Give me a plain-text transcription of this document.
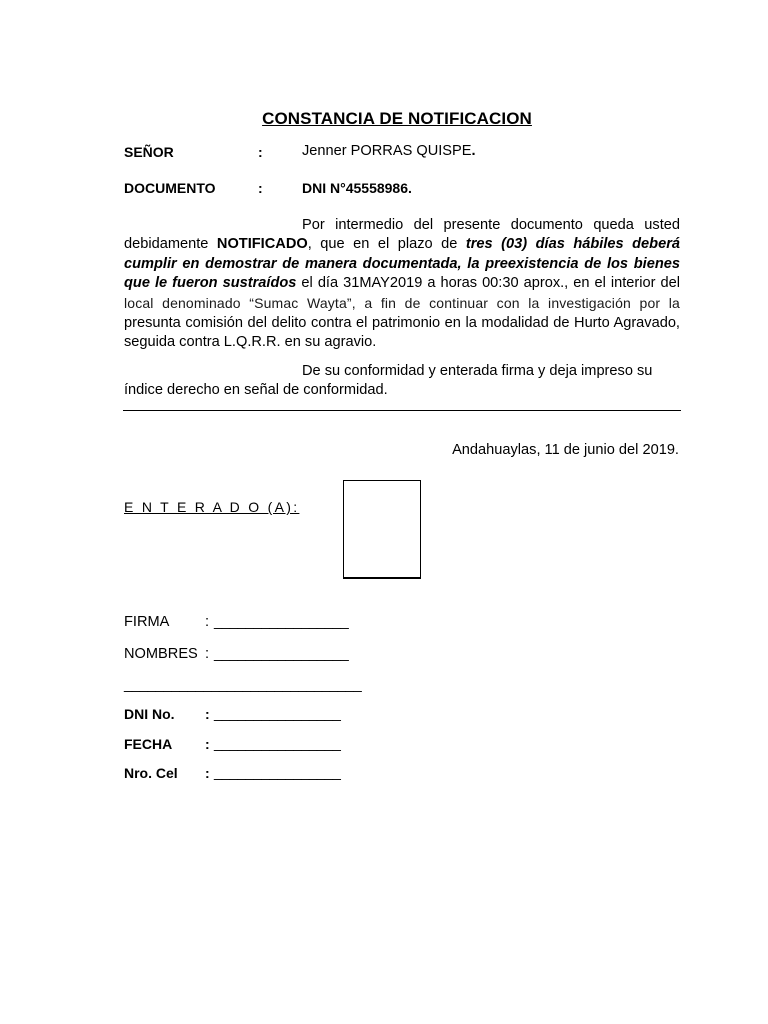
CONSTANCIA DE NOTIFICACION
SEÑOR	:	Jenner PORRAS QUISPE.
DOCUMENTO	:	DNI N°45558986.
Por intermedio del presente documento queda usted debidamente NOTIFICADO, que en el plazo de tres (03) días hábiles deberá cumplir en demostrar de manera documentada, la preexistencia de los bienes que le fueron sustraídos el día 31MAY2019 a horas 00:30 aprox., en el interior del local denominado “Sumac Wayta”, a fin de continuar con la investigación por la presunta comisión del delito contra el patrimonio en la modalidad de Hurto Agravado, seguida contra L.Q.R.R. en su agravio.
De su conformidad y enterada firma y deja impreso su índice derecho en señal de conformidad.
Andahuaylas, 11 de junio del 2019.
E N T E R A D O (A):
FIRMA : _________________
NOMBRES : _________________
______________________________
DNI No. : ________________
FECHA : ________________
Nro. Cel : ________________
